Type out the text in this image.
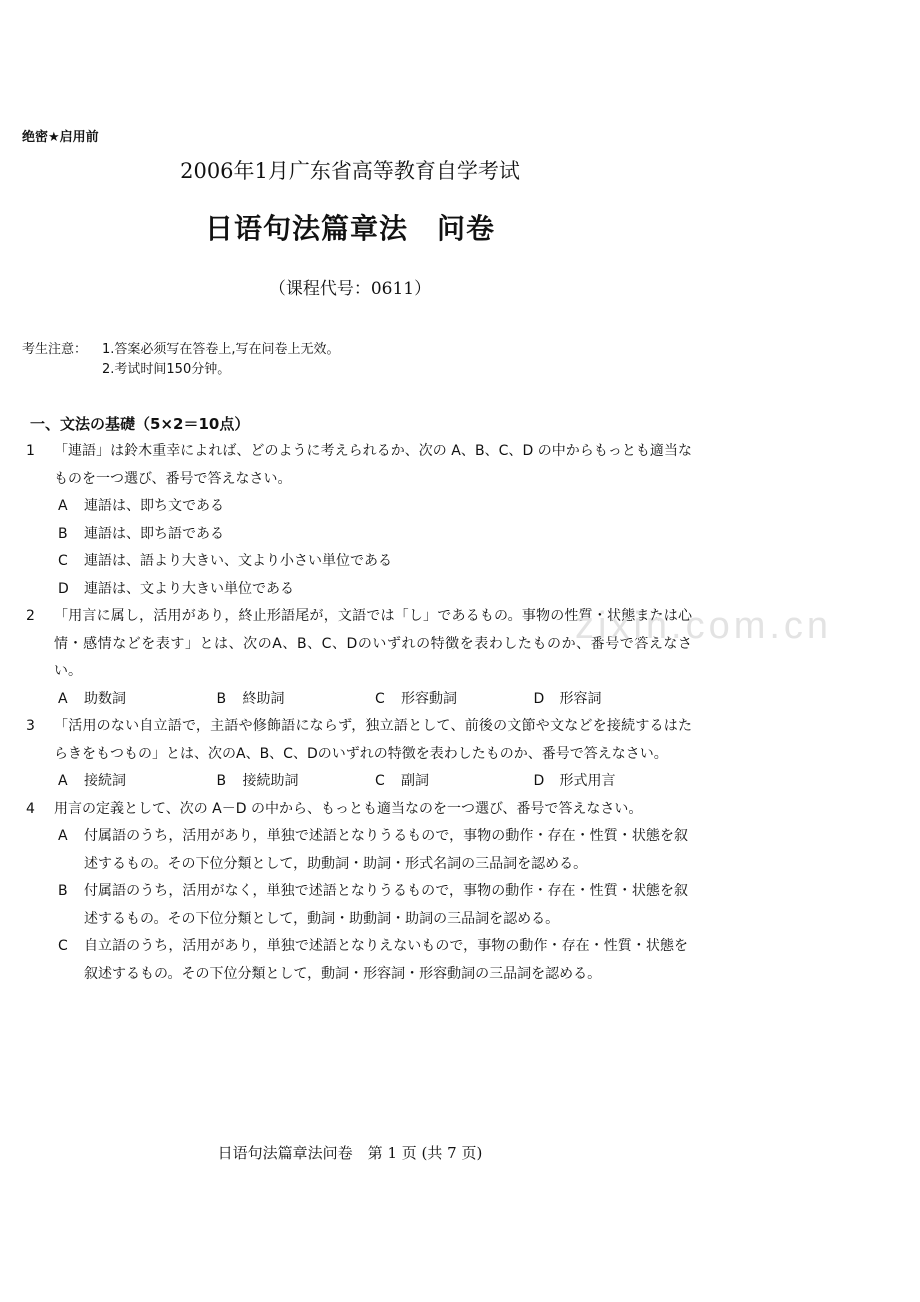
绝密★启用前
2006年1月广东省高等教育自学考试
日语句法篇章法　问卷
（课程代号：0611）
考生注意： 1.答案必须写在答卷上,写在问卷上无效。
2.考试时间150分钟。
一、文法の基礎（5×2＝10点）
1 「連語」は鈴木重幸によれば、どのように考えられるか、次の A、B、C、D の中からもっとも適当なものを一つ選び、番号で答えなさい。
A 連語は、即ち文である
B 連語は、即ち語である
C 連語は、語より大きい、文より小さい単位である
D 連語は、文より大きい単位である
2 「用言に属し，活用があり，終止形語尾が，文語では「し」であるもの。事物の性質・状態または心情・感情などを表す」とは、次のA、B、C、Dのいずれの特徴を表わしたものか、番号で答えなさい。
A 助数詞	B 終助詞	C 形容動詞	D 形容詞
3 「活用のない自立語で，主語や修飾語にならず，独立語として、前後の文節や文などを接続するはたらきをもつもの」とは、次のA、B、C、Dのいずれの特徴を表わしたものか、番号で答えなさい。
A 接続詞	B 接続助詞	C 副詞	D 形式用言
4 用言の定義として、次の A－D の中から、もっとも適当なのを一つ選び、番号で答えなさい。
A 付属語のうち，活用があり，単独で述語となりうるもので，事物の動作・存在・性質・状態を叙述するもの。その下位分類として，助動詞・助詞・形式名詞の三品詞を認める。
B 付属語のうち，活用がなく，単独で述語となりうるもので，事物の動作・存在・性質・状態を叙述するもの。その下位分類として，動詞・助動詞・助詞の三品詞を認める。
C 自立語のうち，活用があり，単独で述語となりえないもので，事物の動作・存在・性質・状態を叙述するもの。その下位分類として，動詞・形容詞・形容動詞の三品詞を認める。
日语句法篇章法问卷　第 1 页 (共 7 页)
zixin.com.cn
